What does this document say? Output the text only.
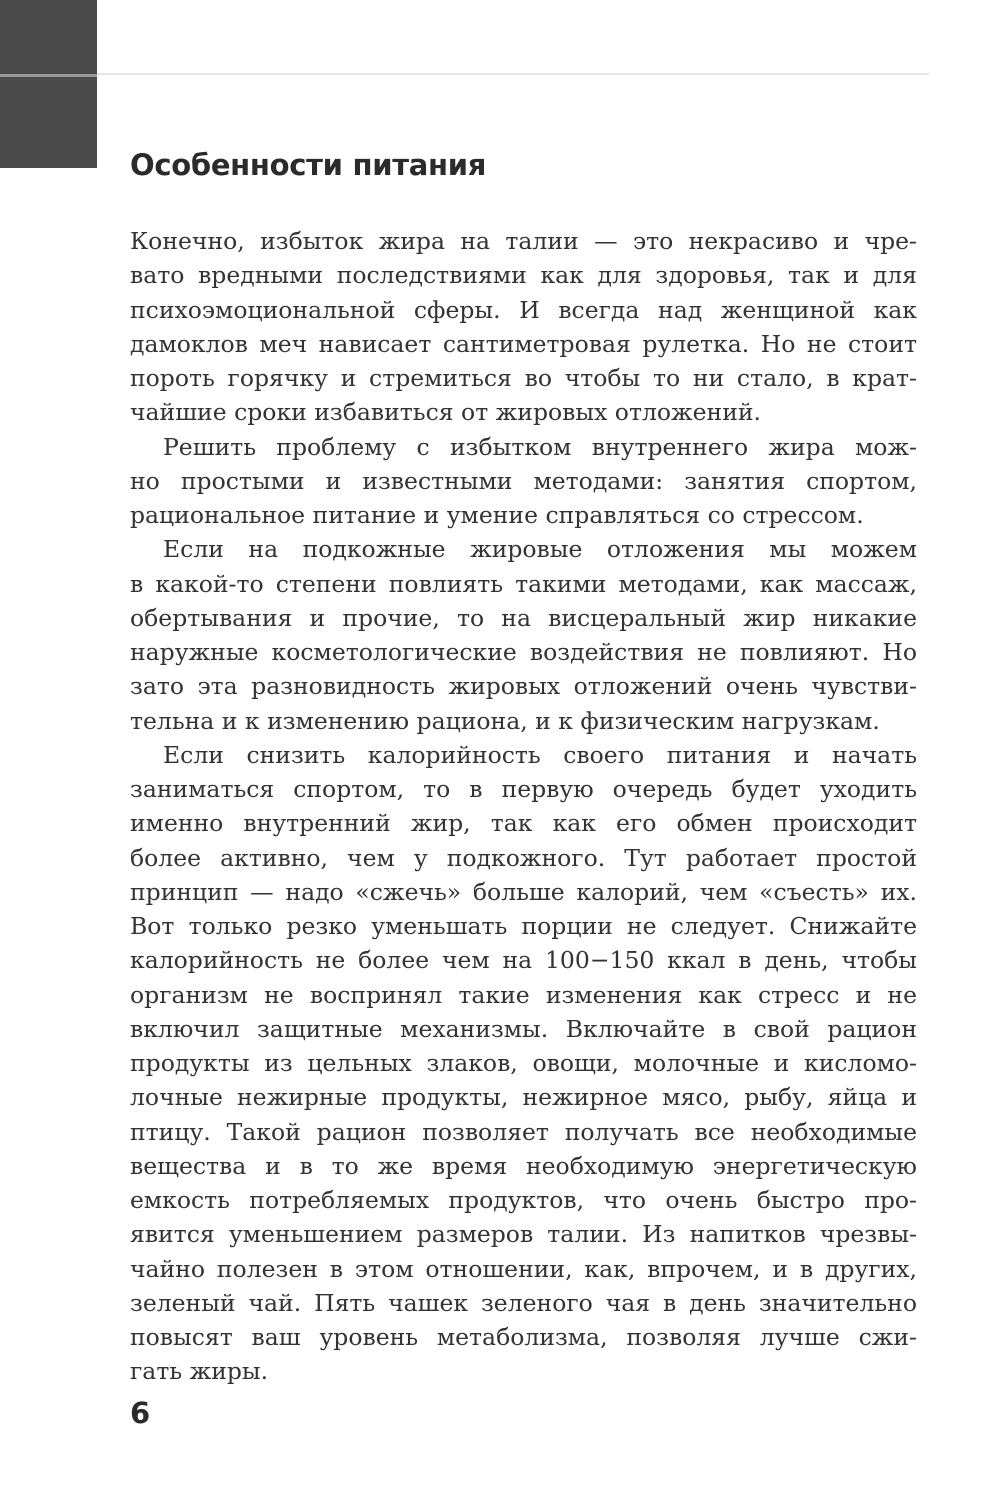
Особенности питания

Конечно, избыток жира на талии — это некрасиво и чре-
вато вредными последствиями как для здоровья, так и для
психоэмоциональной сферы. И всегда над женщиной как
дамоклов меч нависает сантиметровая рулетка. Но не стоит
пороть горячку и стремиться во чтобы то ни стало, в крат-
чайшие сроки избавиться от жировых отложений.

Решить проблему с избытком внутреннего жира мож-
но простыми и известными методами: занятия спортом,
рациональное питание и умение справляться со стрессом.

Если на подкожные жировые отложения мы можем
в какой-то степени повлиять такими методами, как массаж,
обертывания и прочие, то на висцеральный жир никакие
наружные косметологические воздействия не повлияют. Но
зато эта разновидность жировых отложений очень чувстви-
тельна и к изменению рациона, и к физическим нагрузкам.

Если снизить калорийность своего питания и начать
заниматься спортом, то в первую очередь будет уходить
именно внутренний жир, так как его обмен происходит
более активно, чем у подкожного. Тут работает простой
принцип — надо «сжечь» больше калорий, чем «съесть» их.
Вот только резко уменьшать порции не следует. Снижайте
калорийность не более чем на 100−150 ккал в день, чтобы
организм не воспринял такие изменения как стресс и не
включил защитные механизмы. Включайте в свой рацион
продукты из цельных злаков, овощи, молочные и кисломо-
лочные нежирные продукты, нежирное мясо, рыбу, яйца и
птицу. Такой рацион позволяет получать все необходимые
вещества и в то же время необходимую энергетическую
емкость потребляемых продуктов, что очень быстро про-
явится уменьшением размеров талии. Из напитков чрезвы-
чайно полезен в этом отношении, как, впрочем, и в других,
зеленый чай. Пять чашек зеленого чая в день значительно
повысят ваш уровень метаболизма, позволяя лучше сжи-
гать жиры.

6
